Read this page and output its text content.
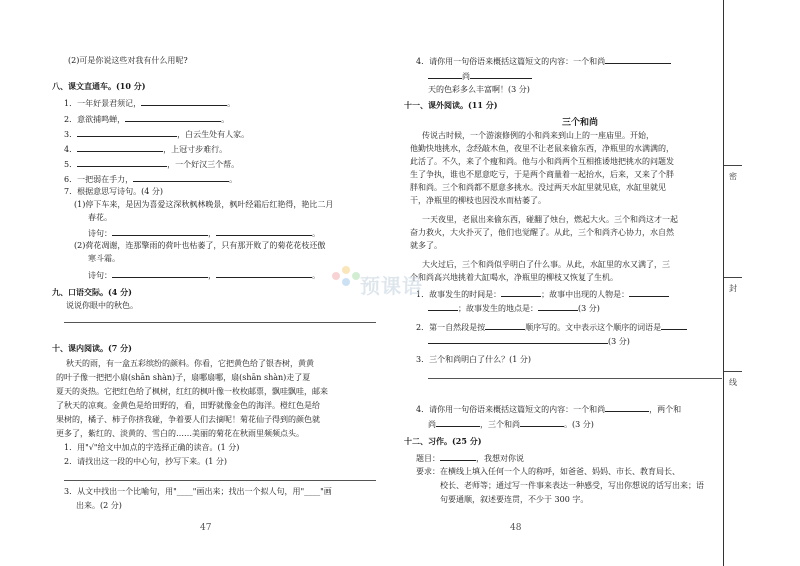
(2)可是你说这些对我有什么用呢?
八、课文直通车。(10 分)
1．一年好景君须记，	。
2．意欲捕鸣蝉，	。
3．	，白云生处有人家。
4．	，上冠寸步难行。
5．	，一个好汉三个帮。
6．一把弱在手力，	。
7．根据意思写诗句。(4 分)
(1)停下车来，是因为喜爱这深秋枫林晚景，枫叶经霜后红艳得，艳比二月
春花。
诗句：	，	。
(2)荷花凋谢，连那擎雨的荷叶也枯萎了，只有那开败了的菊花花枝还傲
寒斗霜。
诗句：	，	。
九、口语交际。(4 分)
说说你眼中的秋色。
十、课内阅读。(7 分)
秋天的雨，有一盒五彩缤纷的颜料。你看，它把黄色给了银杏树，黄黄
的叶子像一把把小扇(shān shàn)子，扇哪扇哪，扇(shān shàn)走了夏
夏天的炎热。它把红色给了枫树，红红的枫叶像一枚枚邮票，飘哇飘哇，邮来
了秋天的凉爽。金黄色是给田野的，看，田野就像金色的海洋。橙红色是给
果树的，橘子、柿子你挤我碰，争着要人们去摘呢！菊花仙子得到的颜色就
更多了，紫红的、淡黄的、雪白的……美丽的菊花在秋雨里频频点头。
1．用"√"给文中加点的字选择正确的读音。(1 分)
2．请找出这一段的中心句，抄写下来。(1 分)
3．从文中找出一个比喻句，用"____"画出来；找出一个拟人句，用"____"画
出来。(2 分)
47
4．请你用一句俗语来概括这篇短文的内容：一个和尚
尚
天的色彩多么丰富啊！(3 分)
十一、课外阅读。(11 分)
三个和尚
传说古时候，一个游滚修例的小和尚来到山上的一座庙里。开始，
他勤快地挑水，念经敲木鱼，夜里不让老鼠来偷东西，净瓶里的水满满的，
此活了。不久，来了个瘦和尚。他与小和尚两个互相推诿地把挑水的问题发
生了争执，谁也不愿意吃亏，于是两个商量着一起抬水，后来，又来了个胖
胖和尚。三个和尚都不愿意多挑水。没过两天水缸里就见底，水缸里就见
干，净瓶里的柳枝也因没水而枯萎了。
一天夜里，老鼠出来偷东西，碰翻了烛台，燃起大火。三个和尚这才一起
奋力救火，大火扑灭了，他们也觉醒了。从此，三个和尚齐心协力，水自然
就多了。
大火过后，三个和尚似乎明白了什么事。从此，水缸里的水又满了，三
个和尚高兴地挑着大缸喝水，净瓶里的柳枝又恢复了生机。
1．故事发生的时间是：	；故事中出现的人物是：
；故事发生的地点是：	(3 分)
2．第一自然段是按	顺序写的。文中表示这个顺序的词语是
(3 分)
3．三个和尚明白了什么？(1 分)
4．请你用一句俗语来概括这篇短文的内容：一个和尚	，两个和
尚	，三个和尚	。(3 分)
十二、习作。(25 分)
题目：	，我想对你说
要求：在横线上填入任何一个人的称呼，如爸爸、妈妈、市长、教育局长、
校长、老师等；通过写一件事来表达一种感受，写出你想说的话写出来；语
句要通顺，叙述要连贯，不少于 300 字。
48
密
封
线
预课语
